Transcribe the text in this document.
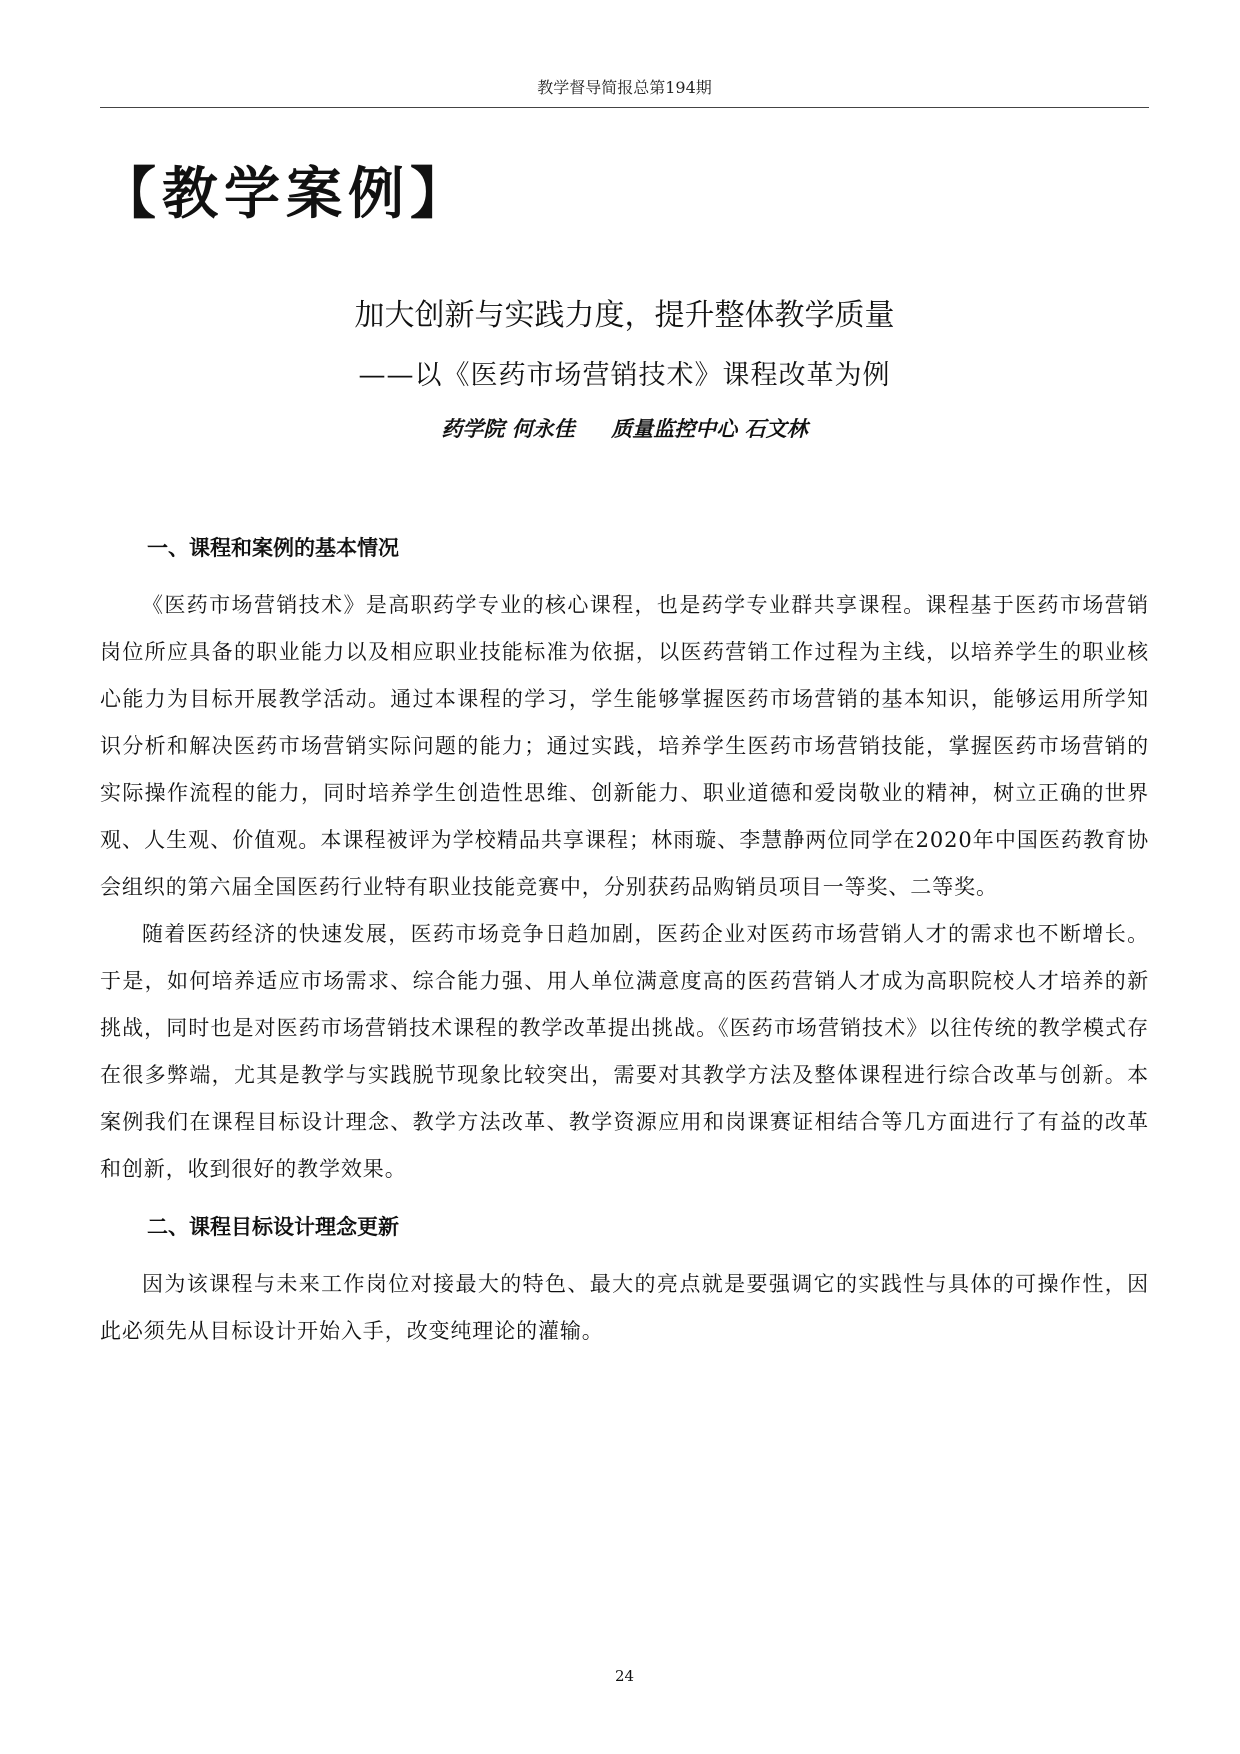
教学督导简报总第194期
【教学案例】
加大创新与实践力度，提升整体教学质量
——以《医药市场营销技术》课程改革为例
药学院 何永佳     质量监控中心 石文林
一、课程和案例的基本情况

《医药市场营销技术》是高职药学专业的核心课程，也是药学专业群共享课程。课程基于医药市场营销岗位所应具备的职业能力以及相应职业技能标准为依据，以医药营销工作过程为主线，以培养学生的职业核心能力为目标开展教学活动。通过本课程的学习，学生能够掌握医药市场营销的基本知识，能够运用所学知识分析和解决医药市场营销实际问题的能力；通过实践，培养学生医药市场营销技能，掌握医药市场营销的实际操作流程的能力，同时培养学生创造性思维、创新能力、职业道德和爱岗敬业的精神，树立正确的世界观、人生观、价值观。本课程被评为学校精品共享课程；林雨璇、李慧静两位同学在2020年中国医药教育协会组织的第六届全国医药行业特有职业技能竞赛中，分别获药品购销员项目一等奖、二等奖。

随着医药经济的快速发展，医药市场竞争日趋加剧，医药企业对医药市场营销人才的需求也不断增长。于是，如何培养适应市场需求、综合能力强、用人单位满意度高的医药营销人才成为高职院校人才培养的新挑战，同时也是对医药市场营销技术课程的教学改革提出挑战。《医药市场营销技术》以往传统的教学模式存在很多弊端，尤其是教学与实践脱节现象比较突出，需要对其教学方法及整体课程进行综合改革与创新。本案例我们在课程目标设计理念、教学方法改革、教学资源应用和岗课赛证相结合等几方面进行了有益的改革和创新，收到很好的教学效果。

二、课程目标设计理念更新

因为该课程与未来工作岗位对接最大的特色、最大的亮点就是要强调它的实践性与具体的可操作性，因此必须先从目标设计开始入手，改变纯理论的灌输。

24
